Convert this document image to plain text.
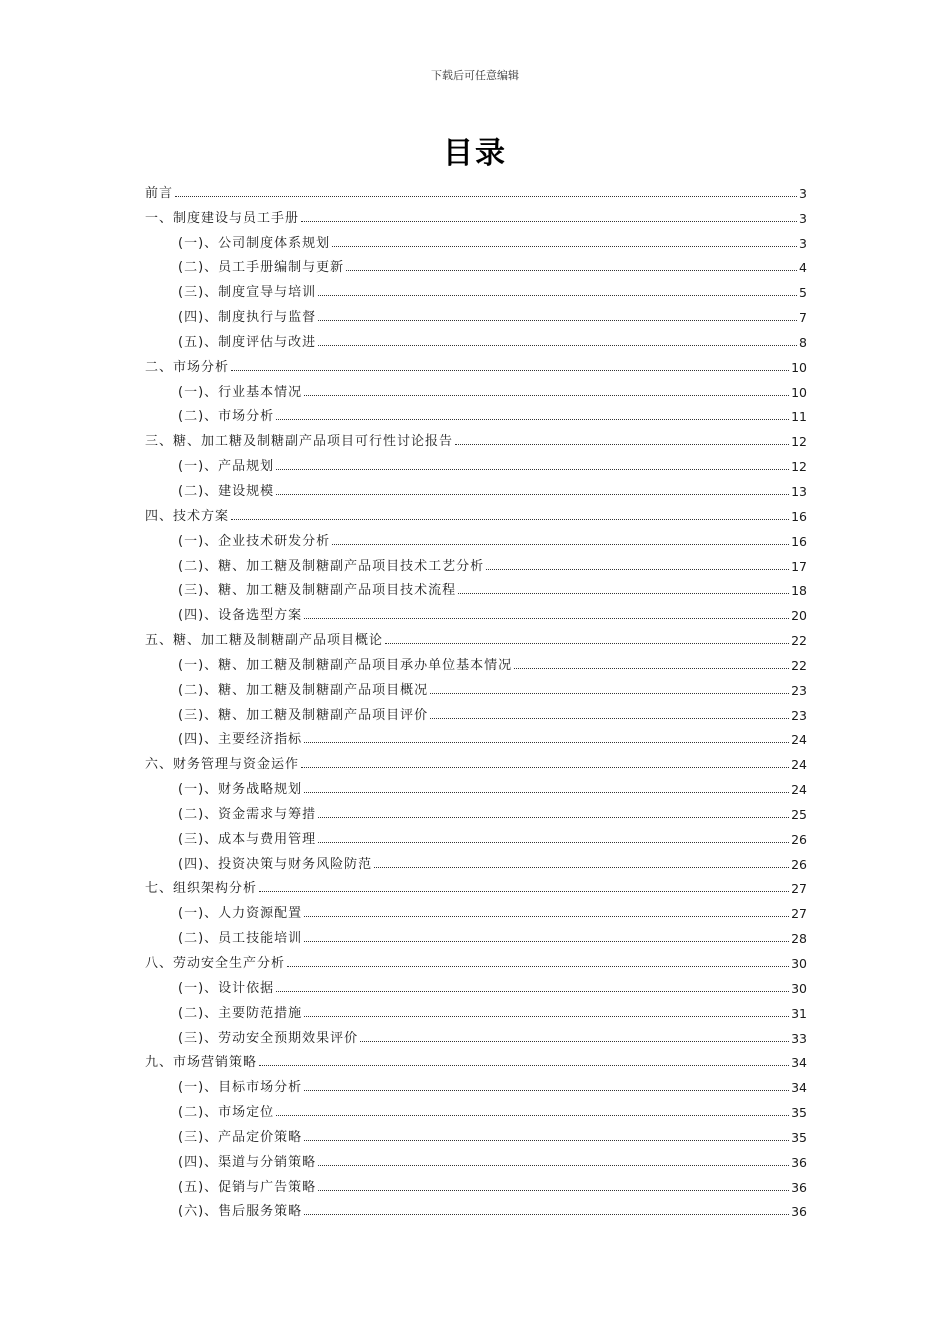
下载后可任意编辑
目录
前言	3
一、制度建设与员工手册	3
(一)、公司制度体系规划	3
(二)、员工手册编制与更新	4
(三)、制度宣导与培训	5
(四)、制度执行与监督	7
(五)、制度评估与改进	8
二、市场分析	10
(一)、行业基本情况	10
(二)、市场分析	11
三、糖、加工糖及制糖副产品项目可行性讨论报告	12
(一)、产品规划	12
(二)、建设规模	13
四、技术方案	16
(一)、企业技术研发分析	16
(二)、糖、加工糖及制糖副产品项目技术工艺分析	17
(三)、糖、加工糖及制糖副产品项目技术流程	18
(四)、设备选型方案	20
五、糖、加工糖及制糖副产品项目概论	22
(一)、糖、加工糖及制糖副产品项目承办单位基本情况	22
(二)、糖、加工糖及制糖副产品项目概况	23
(三)、糖、加工糖及制糖副产品项目评价	23
(四)、主要经济指标	24
六、财务管理与资金运作	24
(一)、财务战略规划	24
(二)、资金需求与筹措	25
(三)、成本与费用管理	26
(四)、投资决策与财务风险防范	26
七、组织架构分析	27
(一)、人力资源配置	27
(二)、员工技能培训	28
八、劳动安全生产分析	30
(一)、设计依据	30
(二)、主要防范措施	31
(三)、劳动安全预期效果评价	33
九、市场营销策略	34
(一)、目标市场分析	34
(二)、市场定位	35
(三)、产品定价策略	35
(四)、渠道与分销策略	36
(五)、促销与广告策略	36
(六)、售后服务策略	36
